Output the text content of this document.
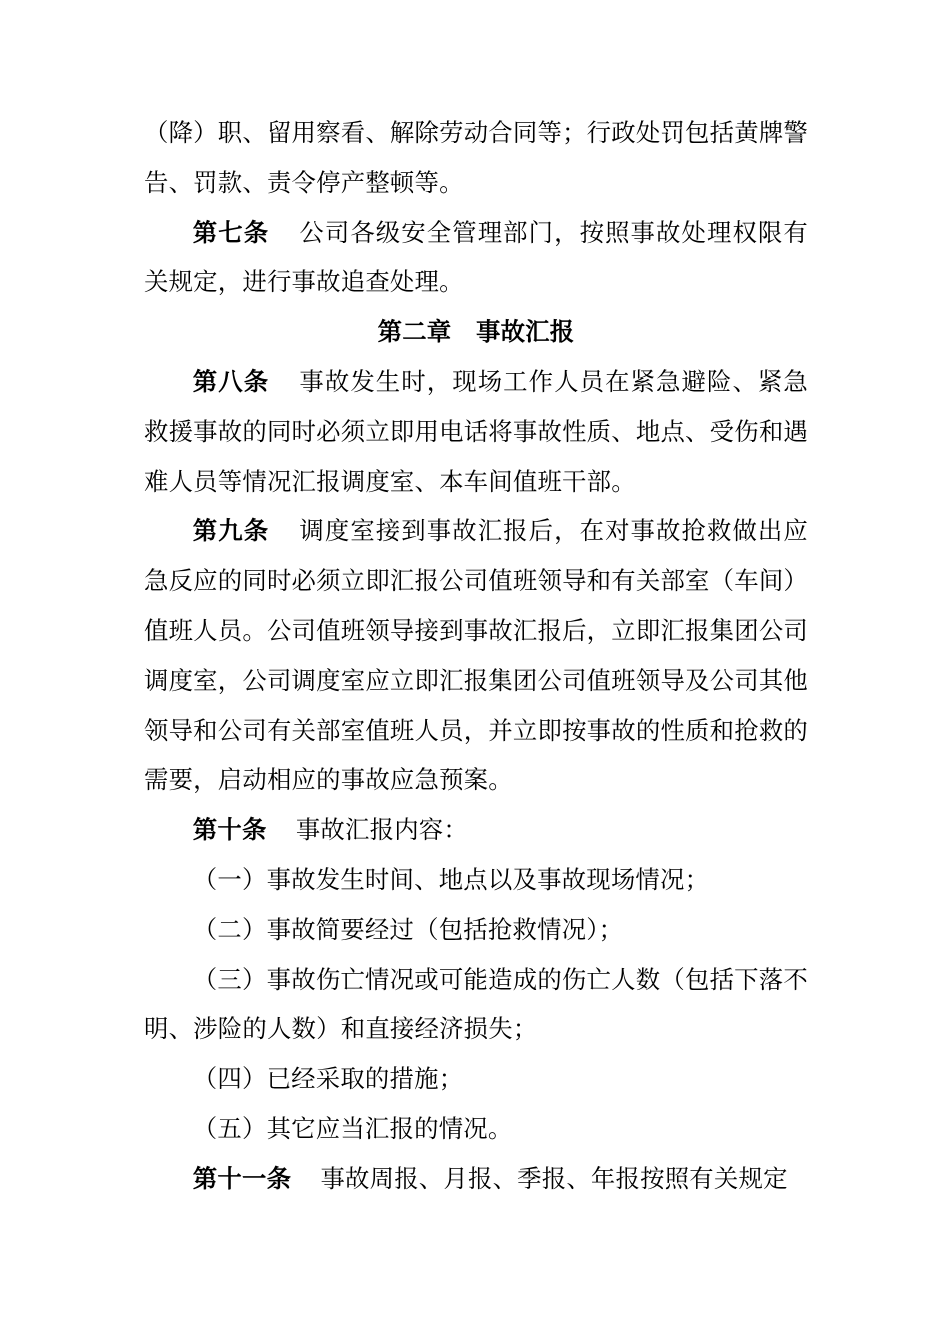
（降）职、留用察看、解除劳动合同等；行政处罚包括黄牌警告、罚款、责令停产整顿等。

第七条 公司各级安全管理部门，按照事故处理权限有关规定，进行事故追查处理。

第二章　事故汇报

第八条 事故发生时，现场工作人员在紧急避险、紧急救援事故的同时必须立即用电话将事故性质、地点、受伤和遇难人员等情况汇报调度室、本车间值班干部。

第九条 调度室接到事故汇报后，在对事故抢救做出应急反应的同时必须立即汇报公司值班领导和有关部室（车间）值班人员。公司值班领导接到事故汇报后，立即汇报集团公司调度室，公司调度室应立即汇报集团公司值班领导及公司其他领导和公司有关部室值班人员，并立即按事故的性质和抢救的需要，启动相应的事故应急预案。

第十条 事故汇报内容：

（一）事故发生时间、地点以及事故现场情况；

（二）事故简要经过（包括抢救情况）；

（三）事故伤亡情况或可能造成的伤亡人数（包括下落不明、涉险的人数）和直接经济损失；

（四）已经采取的措施；

（五）其它应当汇报的情况。

第十一条 事故周报、月报、季报、年报按照有关规定
